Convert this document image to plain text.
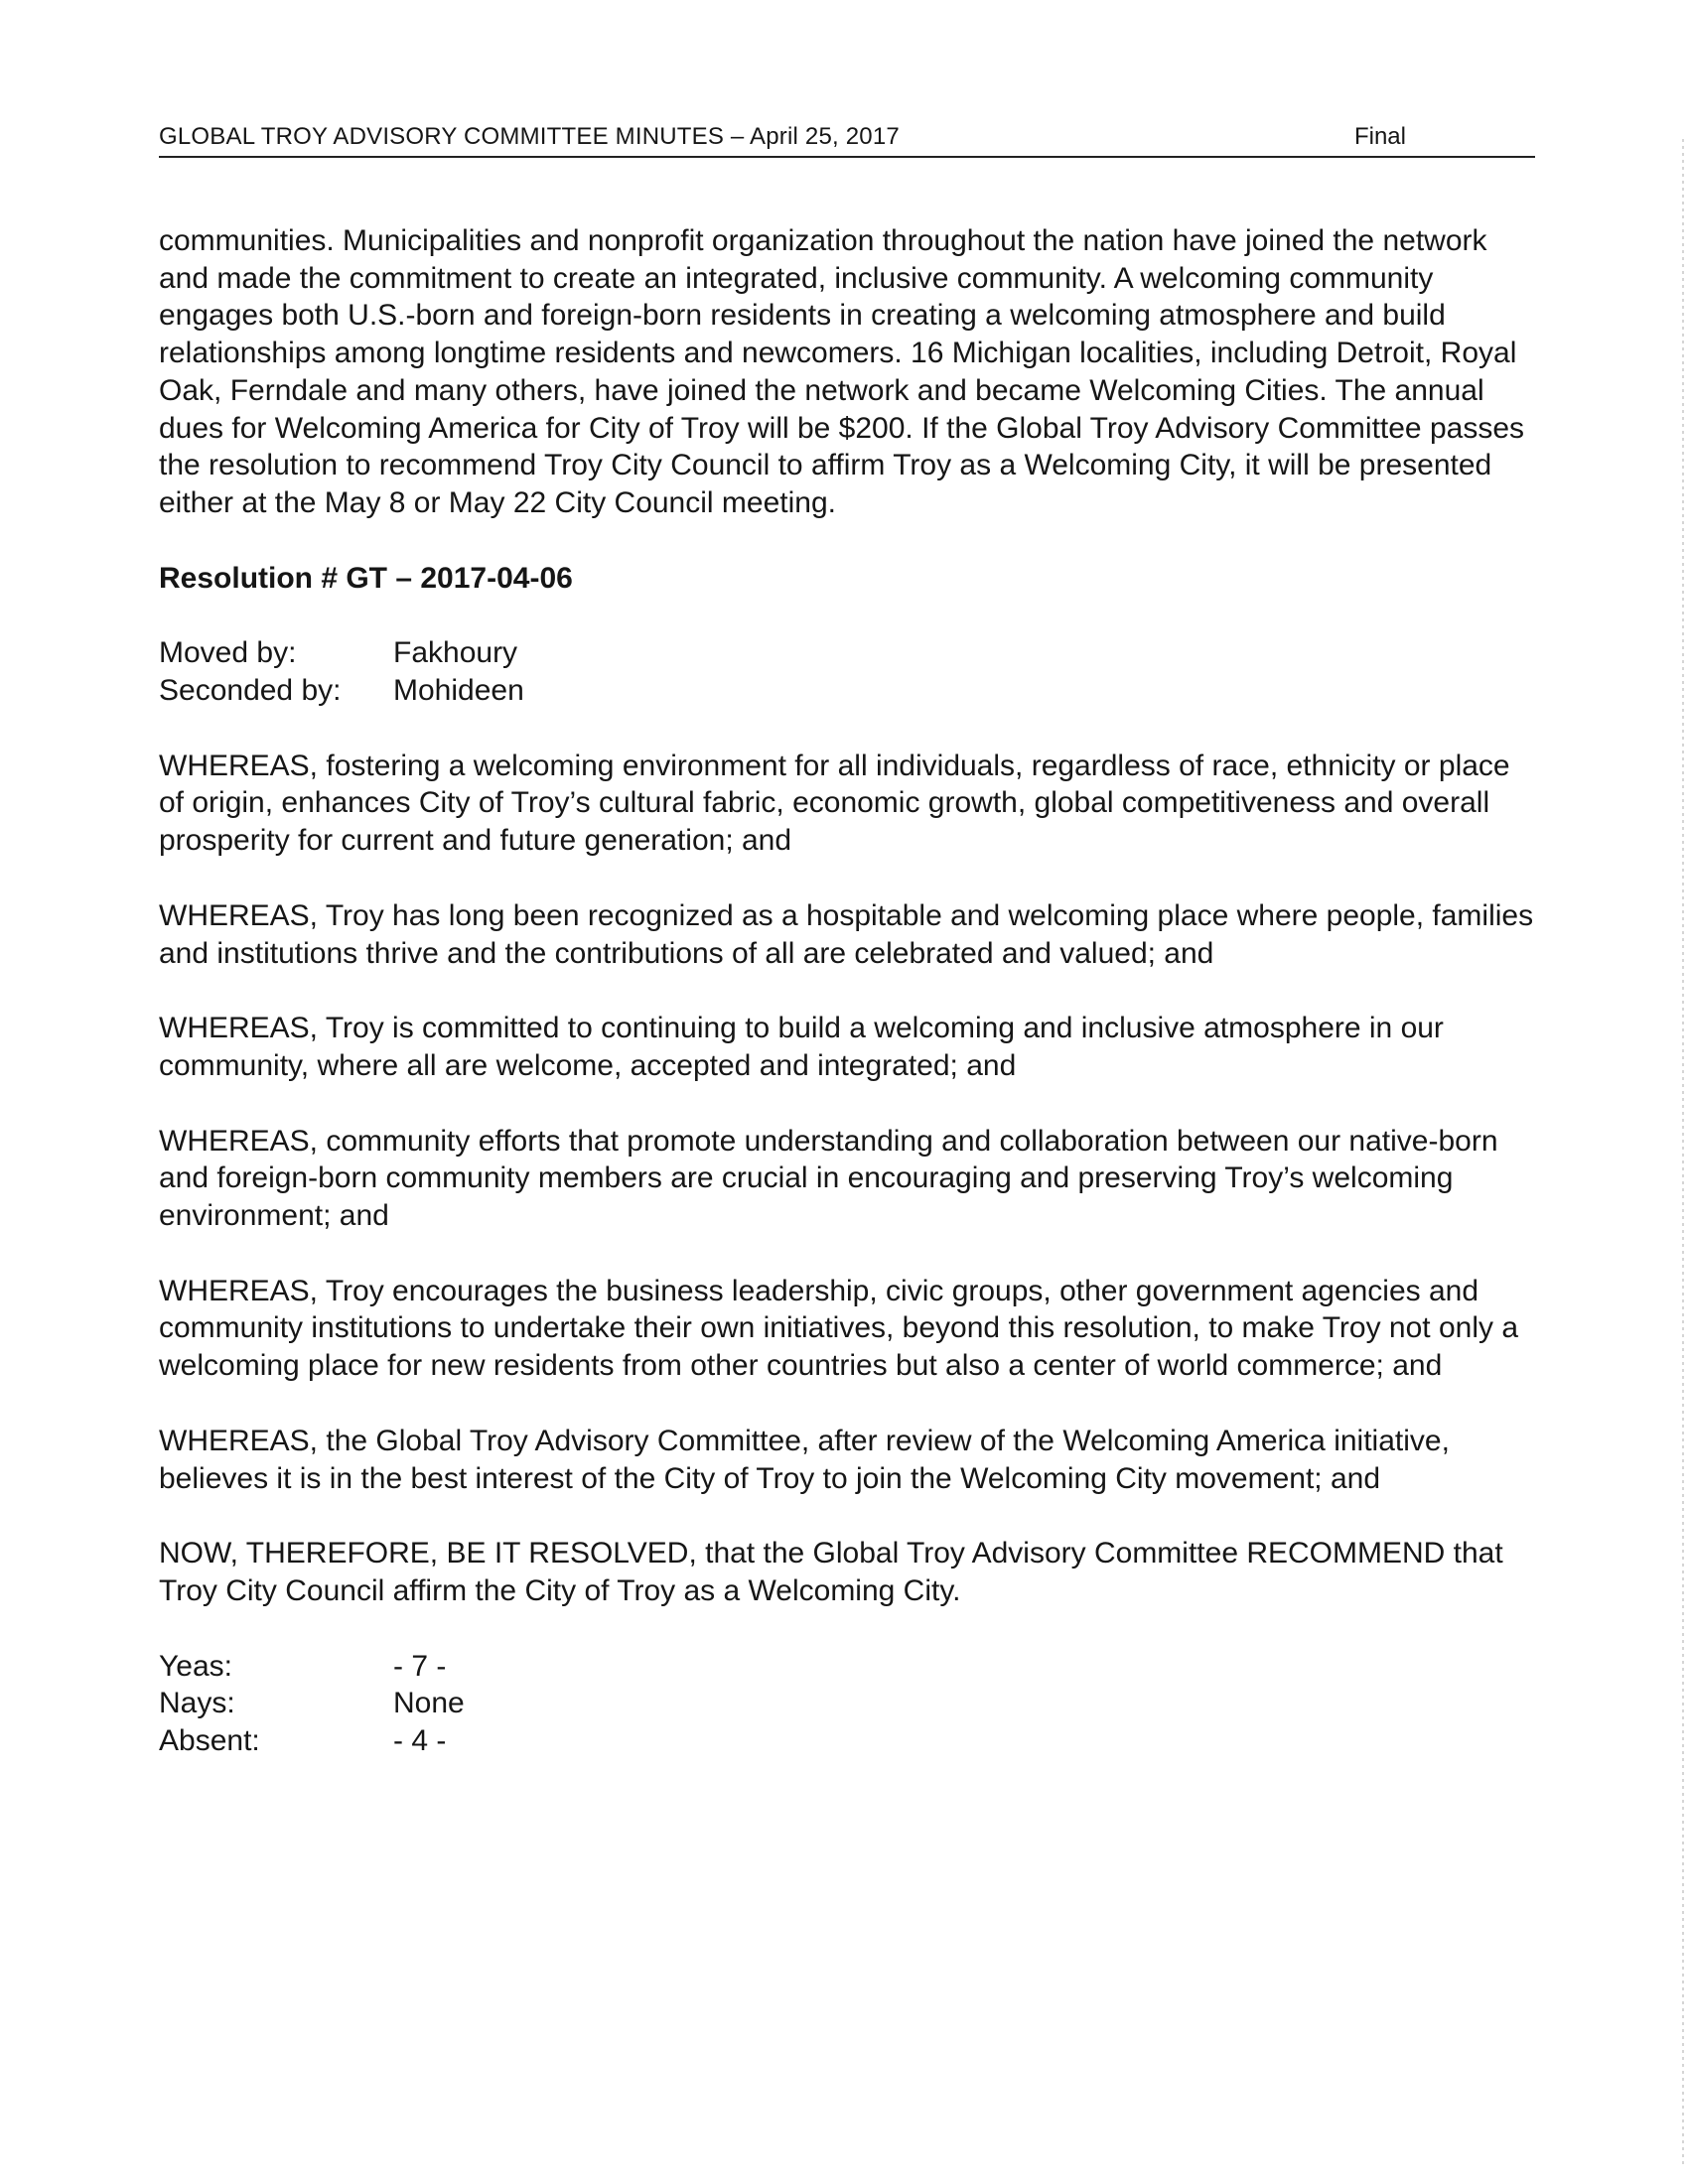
GLOBAL TROY ADVISORY COMMITTEE MINUTES – April 25, 2017	Final

communities. Municipalities and nonprofit organization throughout the nation have joined the network and made the commitment to create an integrated, inclusive community. A welcoming community engages both U.S.-born and foreign-born residents in creating a welcoming atmosphere and build relationships among longtime residents and newcomers. 16 Michigan localities, including Detroit, Royal Oak, Ferndale and many others, have joined the network and became Welcoming Cities. The annual dues for Welcoming America for City of Troy will be $200. If the Global Troy Advisory Committee passes the resolution to recommend Troy City Council to affirm Troy as a Welcoming City, it will be presented either at the May 8 or May 22 City Council meeting.

Resolution # GT – 2017-04-06

Moved by:	Fakhoury
Seconded by:	Mohideen

WHEREAS, fostering a welcoming environment for all individuals, regardless of race, ethnicity or place of origin, enhances City of Troy’s cultural fabric, economic growth, global competitiveness and overall prosperity for current and future generation; and

WHEREAS, Troy has long been recognized as a hospitable and welcoming place where people, families and institutions thrive and the contributions of all are celebrated and valued; and

WHEREAS, Troy is committed to continuing to build a welcoming and inclusive atmosphere in our community, where all are welcome, accepted and integrated; and

WHEREAS, community efforts that promote understanding and collaboration between our native-born and foreign-born community members are crucial in encouraging and preserving Troy’s welcoming environment; and

WHEREAS, Troy encourages the business leadership, civic groups, other government agencies and community institutions to undertake their own initiatives, beyond this resolution, to make Troy not only a welcoming place for new residents from other countries but also a center of world commerce; and

WHEREAS, the Global Troy Advisory Committee, after review of the Welcoming America initiative, believes it is in the best interest of the City of Troy to join the Welcoming City movement; and

NOW, THEREFORE, BE IT RESOLVED, that the Global Troy Advisory Committee RECOMMEND that Troy City Council affirm the City of Troy as a Welcoming City.

Yeas:	- 7 -
Nays:	None
Absent:	- 4 -
